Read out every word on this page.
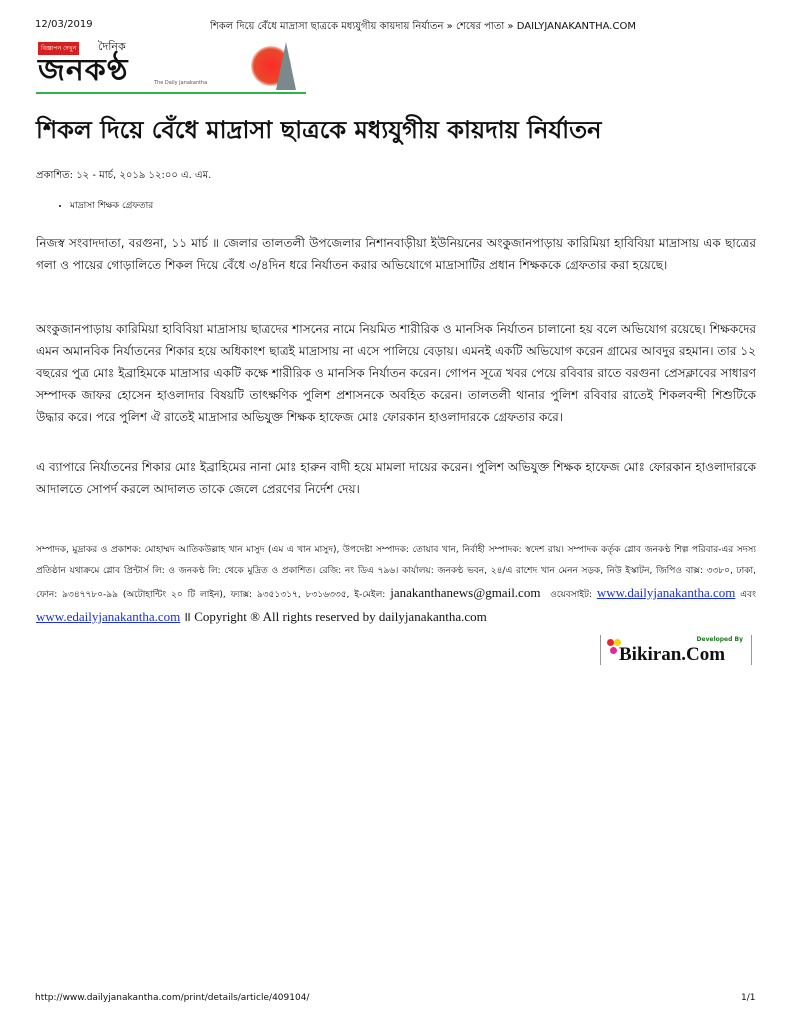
12/03/2019	শিকল দিয়ে বেঁধে মাদ্রাসা ছাত্রকে মধ্যযুগীয় কায়দায় নির্যাতন » শেষের পাতা » DAILYJANAKANTHA.COM
বিজ্ঞাপন দেখুন দৈনিক
জনকণ্ঠ	The Daily Janakantha
শিকল দিয়ে বেঁধে মাদ্রাসা ছাত্রকে মধ্যযুগীয় কায়দায় নির্যাতন
প্রকাশিত: ১২ - মার্চ, ২০১৯ ১২:০০ এ. এম.
• মাদ্রাসা শিক্ষক গ্রেফতার

নিজস্ব সংবাদদাতা, বরগুনা, ১১ মার্চ ॥ জেলার তালতলী উপজেলার নিশানবাড়ীয়া ইউনিয়নের অংকুজানপাড়ায় কারিমিয়া হাবিবিয়া মাদ্রাসায় এক ছাত্রের গলা ও পায়ের গোড়ালিতে শিকল দিয়ে বেঁধে ৩/৪দিন ধরে নির্যাতন করার অভিযোগে মাদ্রাসাটির প্রধান শিক্ষককে গ্রেফতার করা হয়েছে।

অংকুজানপাড়ায় কারিমিয়া হাবিবিয়া মাদ্রাসায় ছাত্রদের শাসনের নামে নিয়মিত শারীরিক ও মানসিক নির্যাতন চালানো হয় বলে অভিযোগ রয়েছে। শিক্ষকদের এমন অমানবিক নির্যাতনের শিকার হয়ে অধিকাংশ ছাত্রই মাদ্রাসায় না এসে পালিয়ে বেড়ায়। এমনই একটি অভিযোগ করেন গ্রামের আবদুর রহমান। তার ১২ বছরের পুত্র মোঃ ইব্রাহিমকে মাদ্রাসার একটি কক্ষে শারীরিক ও মানসিক নির্যাতন করেন। গোপন সূত্রে খবর পেয়ে রবিবার রাতে বরগুনা প্রেসক্লাবের সাধারণ সম্পাদক জাফর হোসেন হাওলাদার বিষয়টি তাৎক্ষণিক পুলিশ প্রশাসনকে অবহিত করেন। তালতলী থানার পুলিশ রবিবার রাতেই শিকলবন্দী শিশুটিকে উদ্ধার করে। পরে পুলিশ ঐ রাতেই মাদ্রাসার অভিযুক্ত শিক্ষক হাফেজ মোঃ ফোরকান হাওলাদারকে গ্রেফতার করে।

এ ব্যাপারে নির্যাতনের শিকার মোঃ ইব্রাহিমের নানা মোঃ হারুন বাদী হয়ে মামলা দায়ের করেন। পুলিশ অভিযুক্ত শিক্ষক হাফেজ মোঃ ফোরকান হাওলাদারকে আদালতে সোপর্দ করলে আদালত তাকে জেলে প্রেরণের নির্দেশ দেয়।

সম্পাদক, মুদ্রাকর ও প্রকাশক: মোহাম্মদ আতিকউল্লাহ খান মাসুদ (এম এ খান মাসুদ), উপদেষ্টা সম্পাদক: তোয়াব খান, নির্বাহী সম্পাদক: স্বদেশ রায়। সম্পাদক কর্তৃক গ্লোব জনকণ্ঠ শিল্প পরিবার-এর সদস্য প্রতিষ্ঠান যথাক্রমে গ্লোব প্রিন্টার্স লি: ও জনকণ্ঠ লি: থেকে মুদ্রিত ও প্রকাশিত। রেজি: নং ডিএ ৭৯৬। কার্যালয়: জনকণ্ঠ ভবন, ২৪/এ রাশেদ খান মেনন সড়ক, নিউ ইস্কাটন, জিপিও বাক্স: ৩৩৮০, ঢাকা, ফোন: ৯৩৪৭৭৮০-৯৯ (অটোহান্টিং ২০ টি লাইন), ফ্যাক্স: ৯৩৫১৩১৭, ৮৩১৬৩৩৫, ই-মেইল: janakanthanews@gmail.com ওয়েবসাইট: www.dailyjanakantha.com এবং www.edailyjanakantha.com ॥ Copyright ® All rights reserved by dailyjanakantha.com
Developed By
Bikiran.Com
http://www.dailyjanakantha.com/print/details/article/409104/	1/1
